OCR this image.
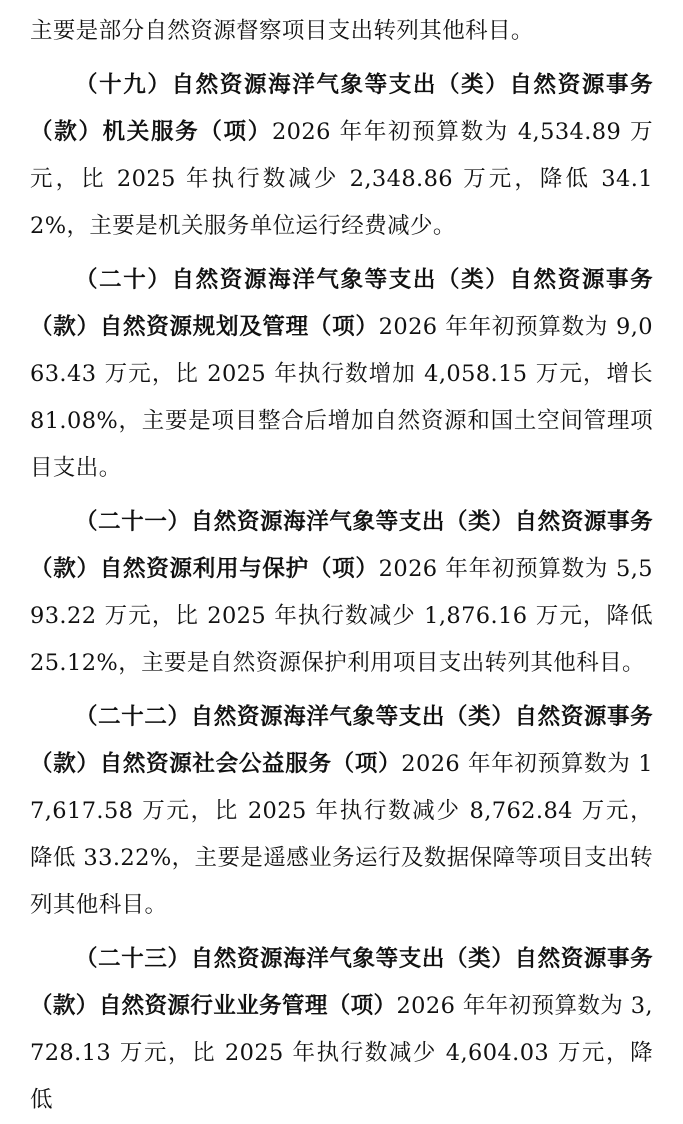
主要是部分自然资源督察项目支出转列其他科目。

（十九）自然资源海洋气象等支出（类）自然资源事务（款）机关服务（项）2026 年年初预算数为 4,534.89 万元，比 2025 年执行数减少 2,348.86 万元，降低 34.12%，主要是机关服务单位运行经费减少。

（二十）自然资源海洋气象等支出（类）自然资源事务（款）自然资源规划及管理（项）2026 年年初预算数为 9,063.43 万元，比 2025 年执行数增加 4,058.15 万元，增长 81.08%，主要是项目整合后增加自然资源和国土空间管理项目支出。

（二十一）自然资源海洋气象等支出（类）自然资源事务（款）自然资源利用与保护（项）2026 年年初预算数为 5,593.22 万元，比 2025 年执行数减少 1,876.16 万元，降低 25.12%，主要是自然资源保护利用项目支出转列其他科目。

（二十二）自然资源海洋气象等支出（类）自然资源事务（款）自然资源社会公益服务（项）2026 年年初预算数为 17,617.58 万元，比 2025 年执行数减少 8,762.84 万元，降低 33.22%，主要是遥感业务运行及数据保障等项目支出转列其他科目。

（二十三）自然资源海洋气象等支出（类）自然资源事务（款）自然资源行业业务管理（项）2026 年年初预算数为 3,728.13 万元，比 2025 年执行数减少 4,604.03 万元，降低
